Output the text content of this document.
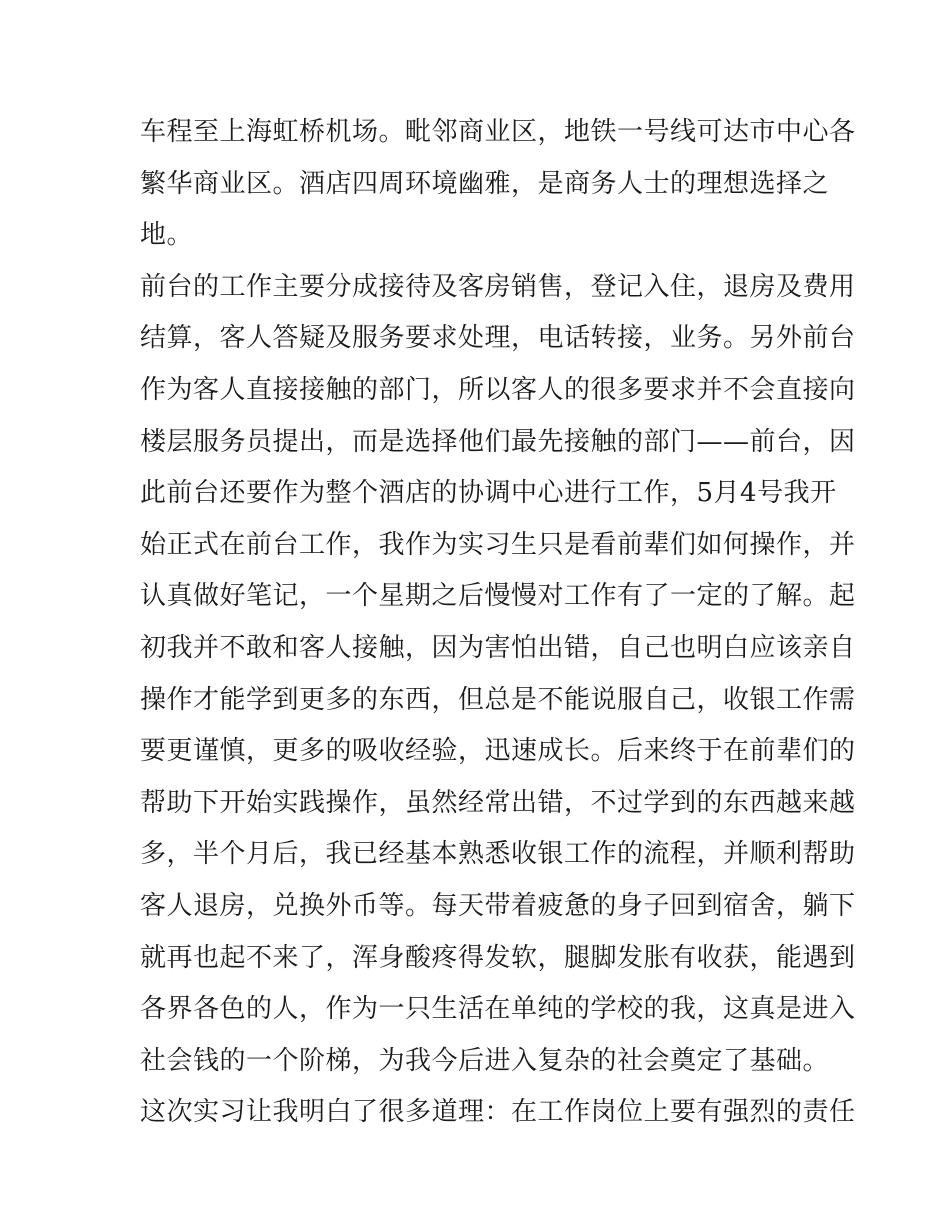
车程至上海虹桥机场。毗邻商业区，地铁一号线可达市中心各
繁华商业区。酒店四周环境幽雅，是商务人士的理想选择之
地。
前台的工作主要分成接待及客房销售，登记入住，退房及费用
结算，客人答疑及服务要求处理，电话转接，业务。另外前台
作为客人直接接触的部门，所以客人的很多要求并不会直接向
楼层服务员提出，而是选择他们最先接触的部门——前台，因
此前台还要作为整个酒店的协调中心进行工作，5月4号我开
始正式在前台工作，我作为实习生只是看前辈们如何操作，并
认真做好笔记，一个星期之后慢慢对工作有了一定的了解。起
初我并不敢和客人接触，因为害怕出错，自己也明白应该亲自
操作才能学到更多的东西，但总是不能说服自己，收银工作需
要更谨慎，更多的吸收经验，迅速成长。后来终于在前辈们的
帮助下开始实践操作，虽然经常出错，不过学到的东西越来越
多，半个月后，我已经基本熟悉收银工作的流程，并顺利帮助
客人退房，兑换外币等。每天带着疲惫的身子回到宿舍，躺下
就再也起不来了，浑身酸疼得发软，腿脚发胀有收获，能遇到
各界各色的人，作为一只生活在单纯的学校的我，这真是进入
社会钱的一个阶梯，为我今后进入复杂的社会奠定了基础。
这次实习让我明白了很多道理：在工作岗位上要有强烈的责任
